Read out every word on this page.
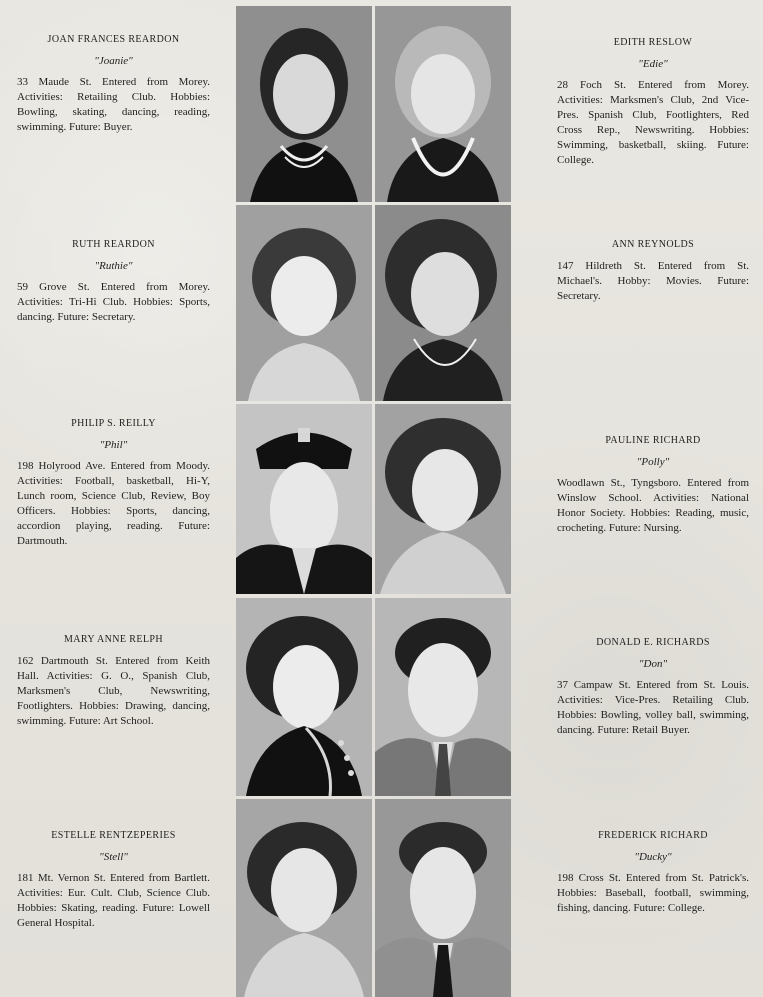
JOAN FRANCES REARDON
"Joanie"
33 Maude St. Entered from Morey. Activities: Retailing Club. Hobbies: Bowling, skating, dancing, reading, swimming. Future: Buyer.
RUTH REARDON
"Ruthie"
59 Grove St. Entered from Morey. Activities: Tri-Hi Club. Hobbies: Sports, dancing. Future: Secretary.
PHILIP S. REILLY
"Phil"
198 Holyrood Ave. Entered from Moody. Activities: Football, basketball, Hi-Y, Lunch room, Science Club, Review, Boy Officers. Hobbies: Sports, dancing, accordion playing, reading. Future: Dartmouth.
MARY ANNE RELPH
162 Dartmouth St. Entered from Keith Hall. Activities: G. O., Spanish Club, Marksmen's Club, Newswriting, Footlighters. Hobbies: Drawing, dancing, swimming. Future: Art School.
ESTELLE RENTZEPERIES
"Stell"
181 Mt. Vernon St. Entered from Bartlett. Activities: Eur. Cult. Club, Science Club. Hobbies: Skating, reading. Future: Lowell General Hospital.
EDITH RESLOW
"Edie"
28 Foch St. Entered from Morey. Activities: Marksmen's Club, 2nd Vice-Pres. Spanish Club, Footlighters, Red Cross Rep., Newswriting. Hobbies: Swimming, basketball, skiing. Future: College.
ANN REYNOLDS
147 Hildreth St. Entered from St. Michael's. Hobby: Movies. Future: Secretary.
PAULINE RICHARD
"Polly"
Woodlawn St., Tyngsboro. Entered from Winslow School. Activities: National Honor Society. Hobbies: Reading, music, crocheting. Future: Nursing.
DONALD E. RICHARDS
"Don"
37 Campaw St. Entered from St. Louis. Activities: Vice-Pres. Retailing Club. Hobbies: Bowling, volley ball, swimming, dancing. Future: Retail Buyer.
FREDERICK RICHARD
"Ducky"
198 Cross St. Entered from St. Patrick's. Hobbies: Baseball, football, swimming, fishing, dancing. Future: College.
